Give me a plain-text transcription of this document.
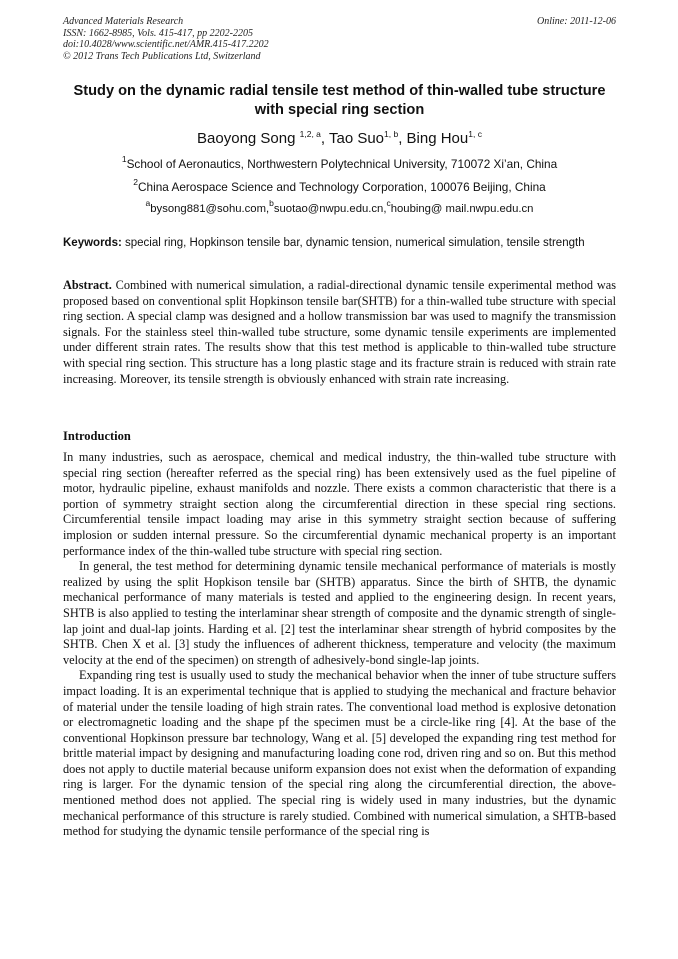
Advanced Materials Research
ISSN: 1662-8985, Vols. 415-417, pp 2202-2205
doi:10.4028/www.scientific.net/AMR.415-417.2202
© 2012 Trans Tech Publications Ltd, Switzerland
Online: 2011-12-06
Study on the dynamic radial tensile test method of thin-walled tube structure with special ring section
Baoyong Song $^{1,2, a}$, Tao Suo$^{1, b}$, Bing Hou$^{1, c}$
$^1$School of Aeronautics, Northwestern Polytechnical University, 710072 Xi’an, China
$^2$China Aerospace Science and Technology Corporation, 100076 Beijing, China
$^a$bysong881@sohu.com,$^b$suotao@nwpu.edu.cn,$^c$houbing@ mail.nwpu.edu.cn
Keywords: special ring, Hopkinson tensile bar, dynamic tension, numerical simulation, tensile strength
Abstract. Combined with numerical simulation, a radial-directional dynamic tensile experimental method was proposed based on conventional split Hopkinson tensile bar(SHTB) for a thin-walled tube structure with special ring section. A special clamp was designed and a hollow transmission bar was used to magnify the transmission signals. For the stainless steel thin-walled tube structure, some dynamic tensile experiments are implemented under different strain rates. The results show that this test method is applicable to thin-walled tube structure with special ring section. This structure has a long plastic stage and its fracture strain is reduced with strain rate increasing. Moreover, its tensile strength is obviously enhanced with strain rate increasing.
Introduction

In many industries, such as aerospace, chemical and medical industry, the thin-walled tube structure with special ring section (hereafter referred as the special ring) has been extensively used as the fuel pipeline of motor, hydraulic pipeline, exhaust manifolds and nozzle. There exists a common characteristic that there is a portion of symmetry straight section along the circumferential direction in these special ring sections. Circumferential tensile impact loading may arise in this symmetry straight section because of suffering implosion or sudden internal pressure. So the circumferential dynamic mechanical property is an important performance index of the thin-walled tube structure with special ring section.

In general, the test method for determining dynamic tensile mechanical performance of materials is mostly realized by using the split Hopkison tensile bar (SHTB) apparatus. Since the birth of SHTB, the dynamic mechanical performance of many materials is tested and applied to the engineering design. In recent years, SHTB is also applied to testing the interlaminar shear strength of composite and the dynamic strength of single-lap joint and dual-lap joints. Harding et al. [2] test the interlaminar shear strength of hybrid composites by the SHTB. Chen X et al. [3] study the influences of adherent thickness, temperature and velocity (the maximum velocity at the end of the specimen) on strength of adhesively-bond single-lap joints.

Expanding ring test is usually used to study the mechanical behavior when the inner of tube structure suffers impact loading. It is an experimental technique that is applied to studying the mechanical and fracture behavior of material under the tensile loading of high strain rates. The conventional load method is explosive detonation or electromagnetic loading and the shape pf the specimen must be a circle-like ring [4]. At the base of the conventional Hopkinson pressure bar technology, Wang et al. [5] developed the expanding ring test method for brittle material impact by designing and manufacturing loading cone rod, driven ring and so on. But this method does not apply to ductile material because uniform expansion does not exist when the deformation of expanding ring is larger. For the dynamic tension of the special ring along the circumferential direction, the above-mentioned method does not applied. The special ring is widely used in many industries, but the dynamic mechanical performance of this structure is rarely studied. Combined with numerical simulation, a SHTB-based method for studying the dynamic tensile performance of the special ring is
